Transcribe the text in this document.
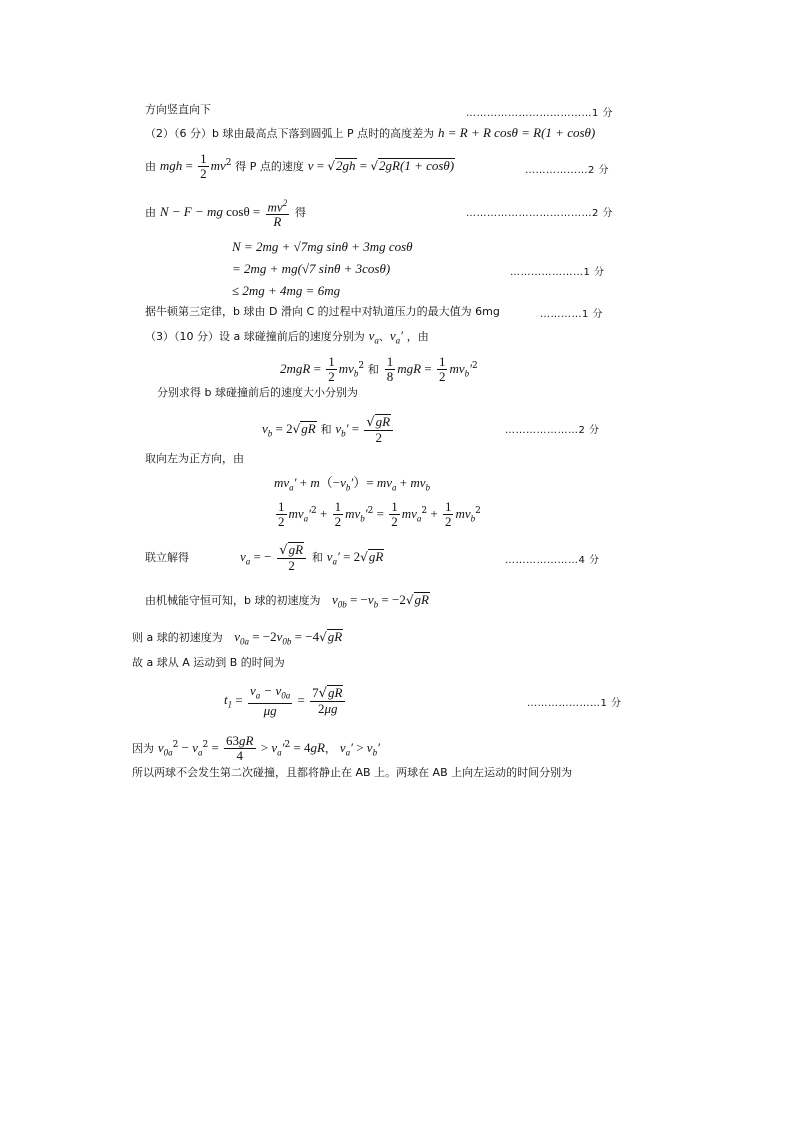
方向竖直向下	………………………………1 分
（2）（6 分）b 球由最高点下落到圆弧上 P 点时的高度差为 h = R + R cosθ = R(1 + cosθ)
由 mgh = $\frac{1}{2} mv^2$ 得 P 点的速度 v = √2gh = √2gR(1 + cosθ)	………………2 分
由 N − F − mg $\cos\theta = \frac{mv^2}{R}$ 得	………………………………2 分
N = 2mg + √7mg sinθ + 3mg cosθ
= 2mg + mg(√7 sinθ + 3cosθ)
≤ 2mg + 4mg = 6mg
…………………1 分
据牛顿第三定律，b 球由 D 滑向 C 的过程中对轨道压力的最大值为 6mg	…………1 分
（3）（10 分）设 a 球碰撞前后的速度分别为 $v_a$、$v_a'$ ，由
$2mgR = \frac{1}{2} mv_b^2$ 和 $\frac{1}{8}$ mgR = $\frac{1}{2} mv_b'^2$
分别求得 b 球碰撞前后的速度大小分别为
$v_b = 2√gR$ 和 $v_b' = \frac{√gR}{2}$	…………………2 分
取向左为正方向，由
$mv_a' + m(-v_b')= mv_a + mv_b$
$\frac{1}{2} mv_a'^2 + \frac{1}{2} mv_b'^2 = \frac{1}{2} mv_a^2 + \frac{1}{2} mv_b^2$
联立解得	$v_a$ = − $\frac{√gR}{2}$ 和 $v_a' = 2√gR$	…………………4 分
由机械能守恒可知，b 球的初速度为 $v_{0b} = -v_b = -2√gR$
则 a 球的初速度为 $v_{0a} = -2v_{0b} = -4√gR$
故 a 球从 A 运动到 B 的时间为
$t_1 = \frac{v_a - v_{0a}}{\mu g} = \frac{7√gR}{2\mu g}$	…………………1 分
因为 $v_{0a}^2 - v_a^2 = \frac{63gR}{4} > v_a'^2 = 4gR$， $v_a' > v_b'$
所以两球不会发生第二次碰撞，且都将静止在 AB 上。两球在 AB 上向左运动的时间分别为
